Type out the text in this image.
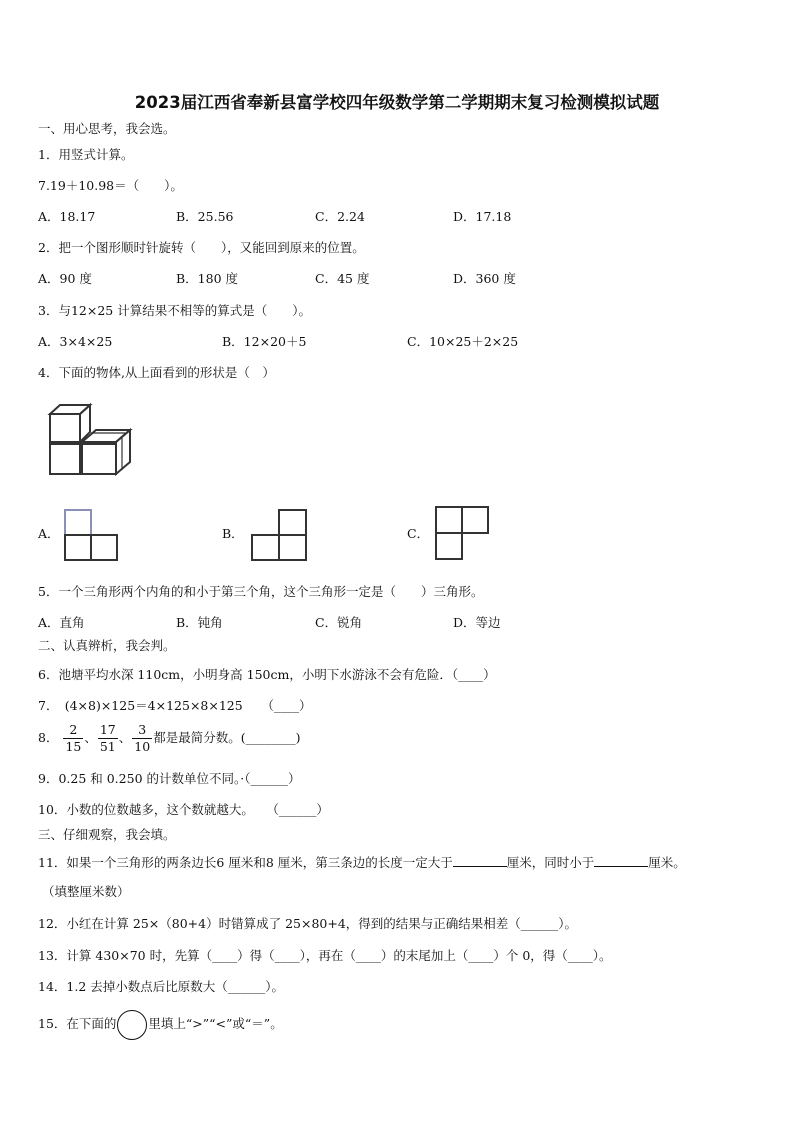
2023届江西省奉新县富学校四年级数学第二学期期末复习检测模拟试题
一、用心思考，我会选。
1．用竖式计算。
7.19＋10.98＝（　　）。
A．18.17	B．25.56	C．2.24	D．17.18
2．把一个图形顺时针旋转（　　），又能回到原来的位置。
A．90 度	B．180 度	C．45 度	D．360 度
3．与12×25 计算结果不相等的算式是（　　）。
A．3×4×25	B．12×20＋5	C．10×25＋2×25
4．下面的物体,从上面看到的形状是（　）
A．	B．	C．
5．一个三角形两个内角的和小于第三个角，这个三角形一定是（　　）三角形。
A．直角	B．钝角	C．锐角	D．等边
二、认真辨析，我会判。
6．池塘平均水深 110cm，小明身高 150cm，小明下水游泳不会有危险．（____）
7．　(4×8)×125＝4×125×8×125　　（____）
8． $\frac{2}{15}$ 、 $\frac{17}{51}$ 、 $\frac{3}{10}$ 都是最简分数。(________)
9．0.25 和 0.250 的计数单位不同。·（______）
10．小数的位数越多，这个数就越大。　　（______）
三、仔细观察，我会填。
11．如果一个三角形的两条边长6 厘米和8 厘米，第三条边的长度一定大于	厘米，同时小于	厘米。
（填整厘米数）
12．小红在计算 25×（80+4）时错算成了 25×80+4，得到的结果与正确结果相差（______）。
13．计算 430×70 时，先算（____）得（____），再在（____）的末尾加上（____）个 0，得（____）。
14．1.2 去掉小数点后比原数大（______）。
15．在下面的	里填上“>”“<”或“＝”。
